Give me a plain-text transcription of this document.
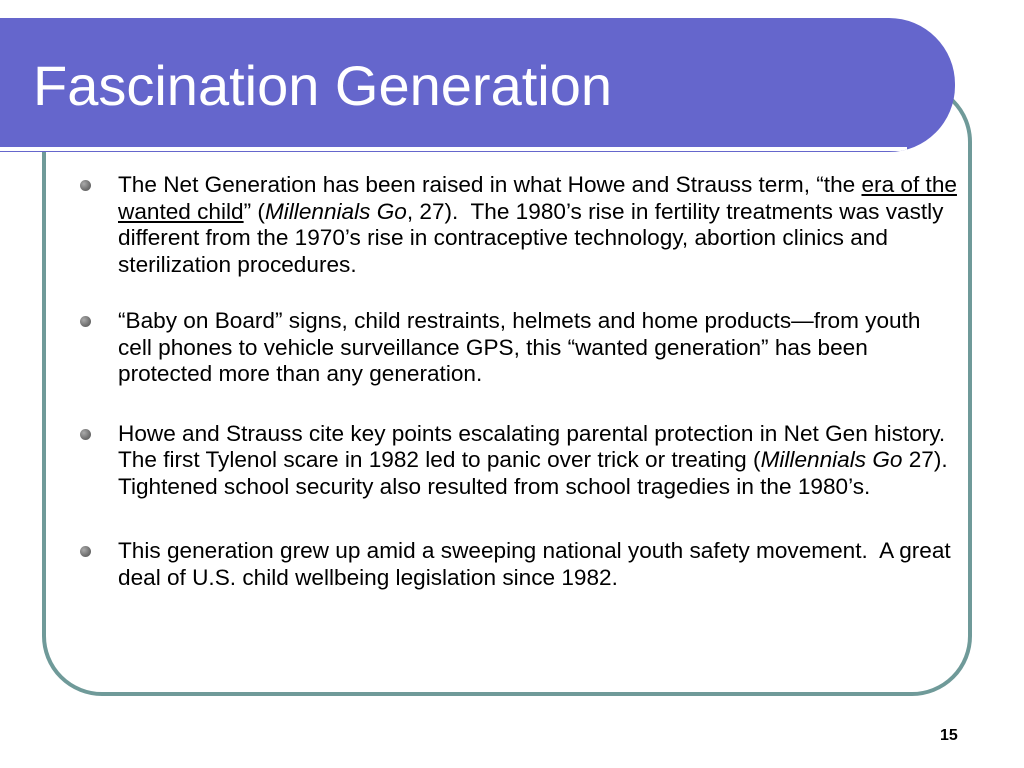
Fascination Generation
The Net Generation has been raised in what Howe and Strauss term, “the era of the wanted child” (Millennials Go, 27).  The 1980’s rise in fertility treatments was vastly different from the 1970’s rise in contraceptive technology, abortion clinics and sterilization procedures.
“Baby on Board” signs, child restraints, helmets and home products—from youth cell phones to vehicle surveillance GPS, this “wanted generation” has been protected more than any generation.
Howe and Strauss cite key points escalating parental protection in Net Gen history.  The first Tylenol scare in 1982 led to panic over trick or treating (Millennials Go 27). Tightened school security also resulted from school tragedies in the 1980’s.
This generation grew up amid a sweeping national youth safety movement.  A great deal of U.S. child wellbeing legislation since 1982.
15
